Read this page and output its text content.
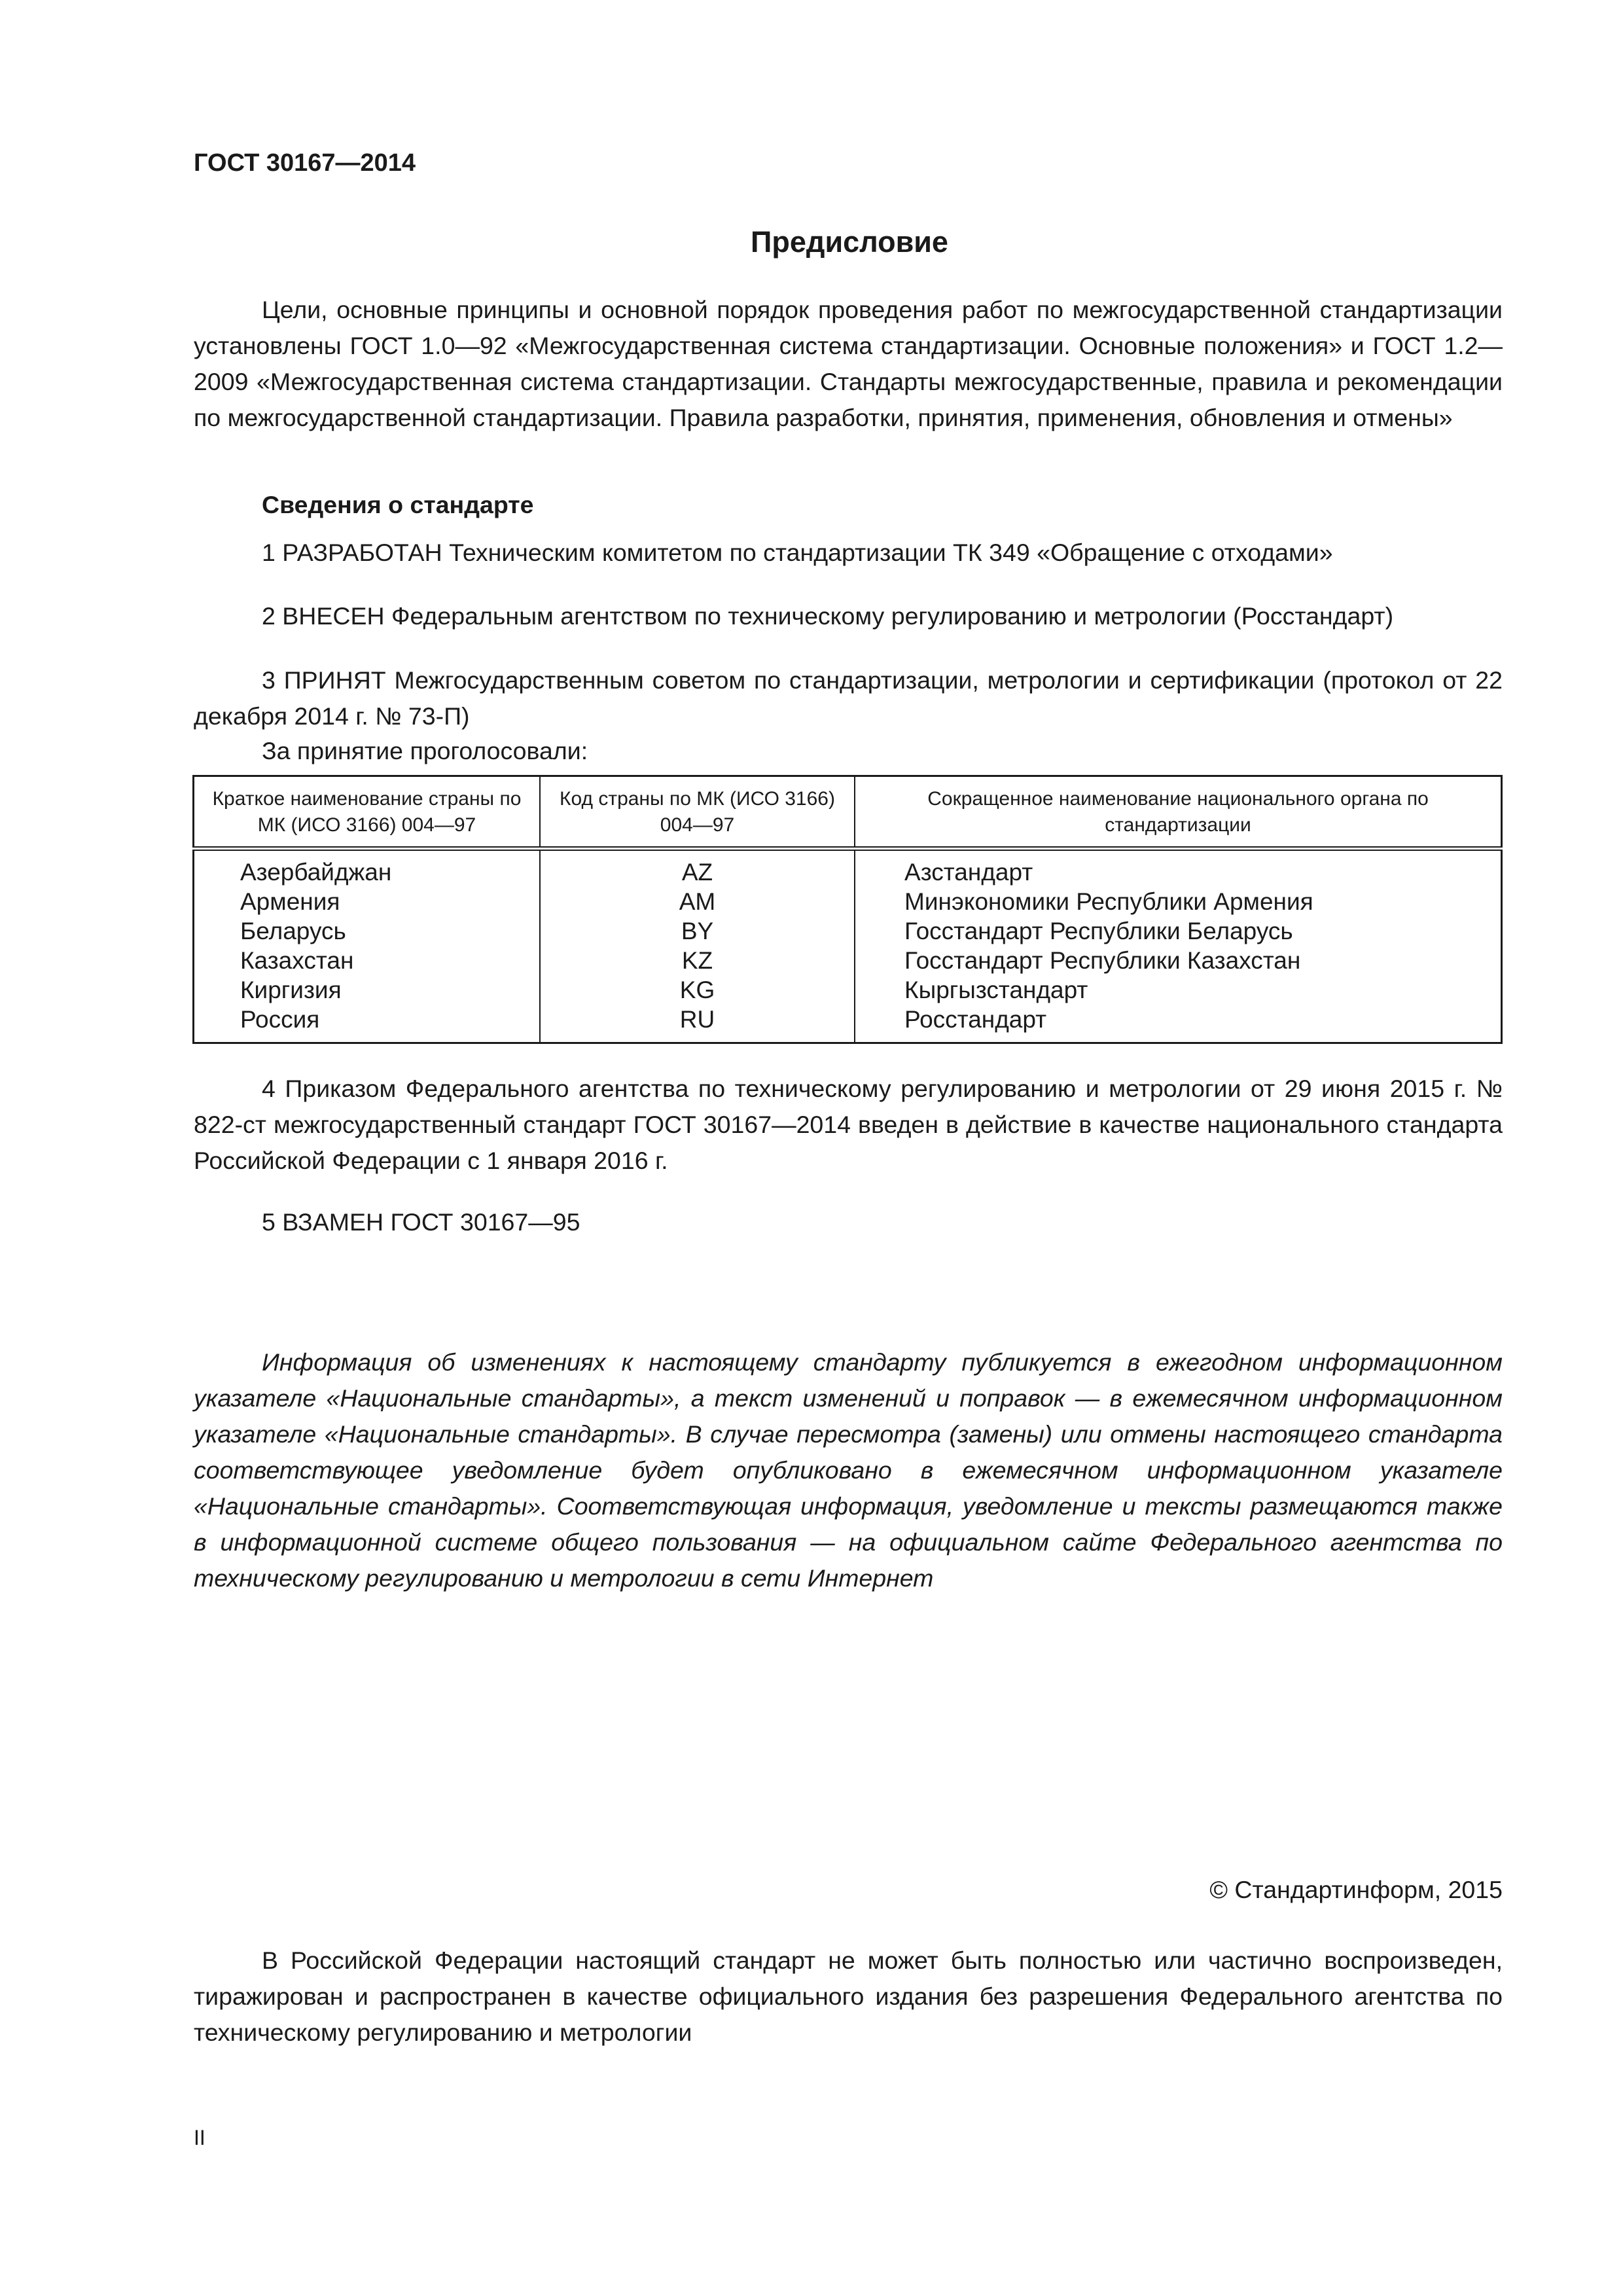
ГОСТ 30167—2014
Предисловие

Цели, основные принципы и основной порядок проведения работ по межгосударственной стандартизации установлены ГОСТ 1.0—92 «Межгосударственная система стандартизации. Основные положения» и ГОСТ 1.2—2009 «Межгосударственная система стандартизации. Стандарты межгосударственные, правила и рекомендации по межгосударственной стандартизации. Правила разработки, принятия, применения, обновления и отмены»

Сведения о стандарте

1 РАЗРАБОТАН Техническим комитетом по стандартизации ТК 349 «Обращение с отходами»

2 ВНЕСЕН Федеральным агентством по техническому регулированию и метрологии (Росстандарт)

3 ПРИНЯТ Межгосударственным советом по стандартизации, метрологии и сертификации (протокол от 22 декабря 2014 г. № 73-П)

За принятие проголосовали:

Краткое наименование страны по МК (ИСО 3166) 004—97	Код страны по МК (ИСО 3166) 004—97	Сокращенное наименование национального органа по стандартизации
Азербайджан	AZ	Азстандарт
Армения	AM	Минэкономики Республики Армения
Беларусь	BY	Госстандарт Республики Беларусь
Казахстан	KZ	Госстандарт Республики Казахстан
Киргизия	KG	Кыргызстандарт
Россия	RU	Росстандарт

4 Приказом Федерального агентства по техническому регулированию и метрологии от 29 июня 2015 г. № 822-ст межгосударственный стандарт ГОСТ 30167—2014 введен в действие в качестве национального стандарта Российской Федерации с 1 января 2016 г.

5 ВЗАМЕН ГОСТ 30167—95

Информация об изменениях к настоящему стандарту публикуется в ежегодном информационном указателе «Национальные стандарты», а текст изменений и поправок — в ежемесячном информационном указателе «Национальные стандарты». В случае пересмотра (замены) или отмены настоящего стандарта соответствующее уведомление будет опубликовано в ежемесячном информационном указателе «Национальные стандарты». Соответствующая информация, уведомление и тексты размещаются также в информационной системе общего пользования — на официальном сайте Федерального агентства по техническому регулированию и метрологии в сети Интернет

© Стандартинформ, 2015

В Российской Федерации настоящий стандарт не может быть полностью или частично воспроизведен, тиражирован и распространен в качестве официального издания без разрешения Федерального агентства по техническому регулированию и метрологии

II
